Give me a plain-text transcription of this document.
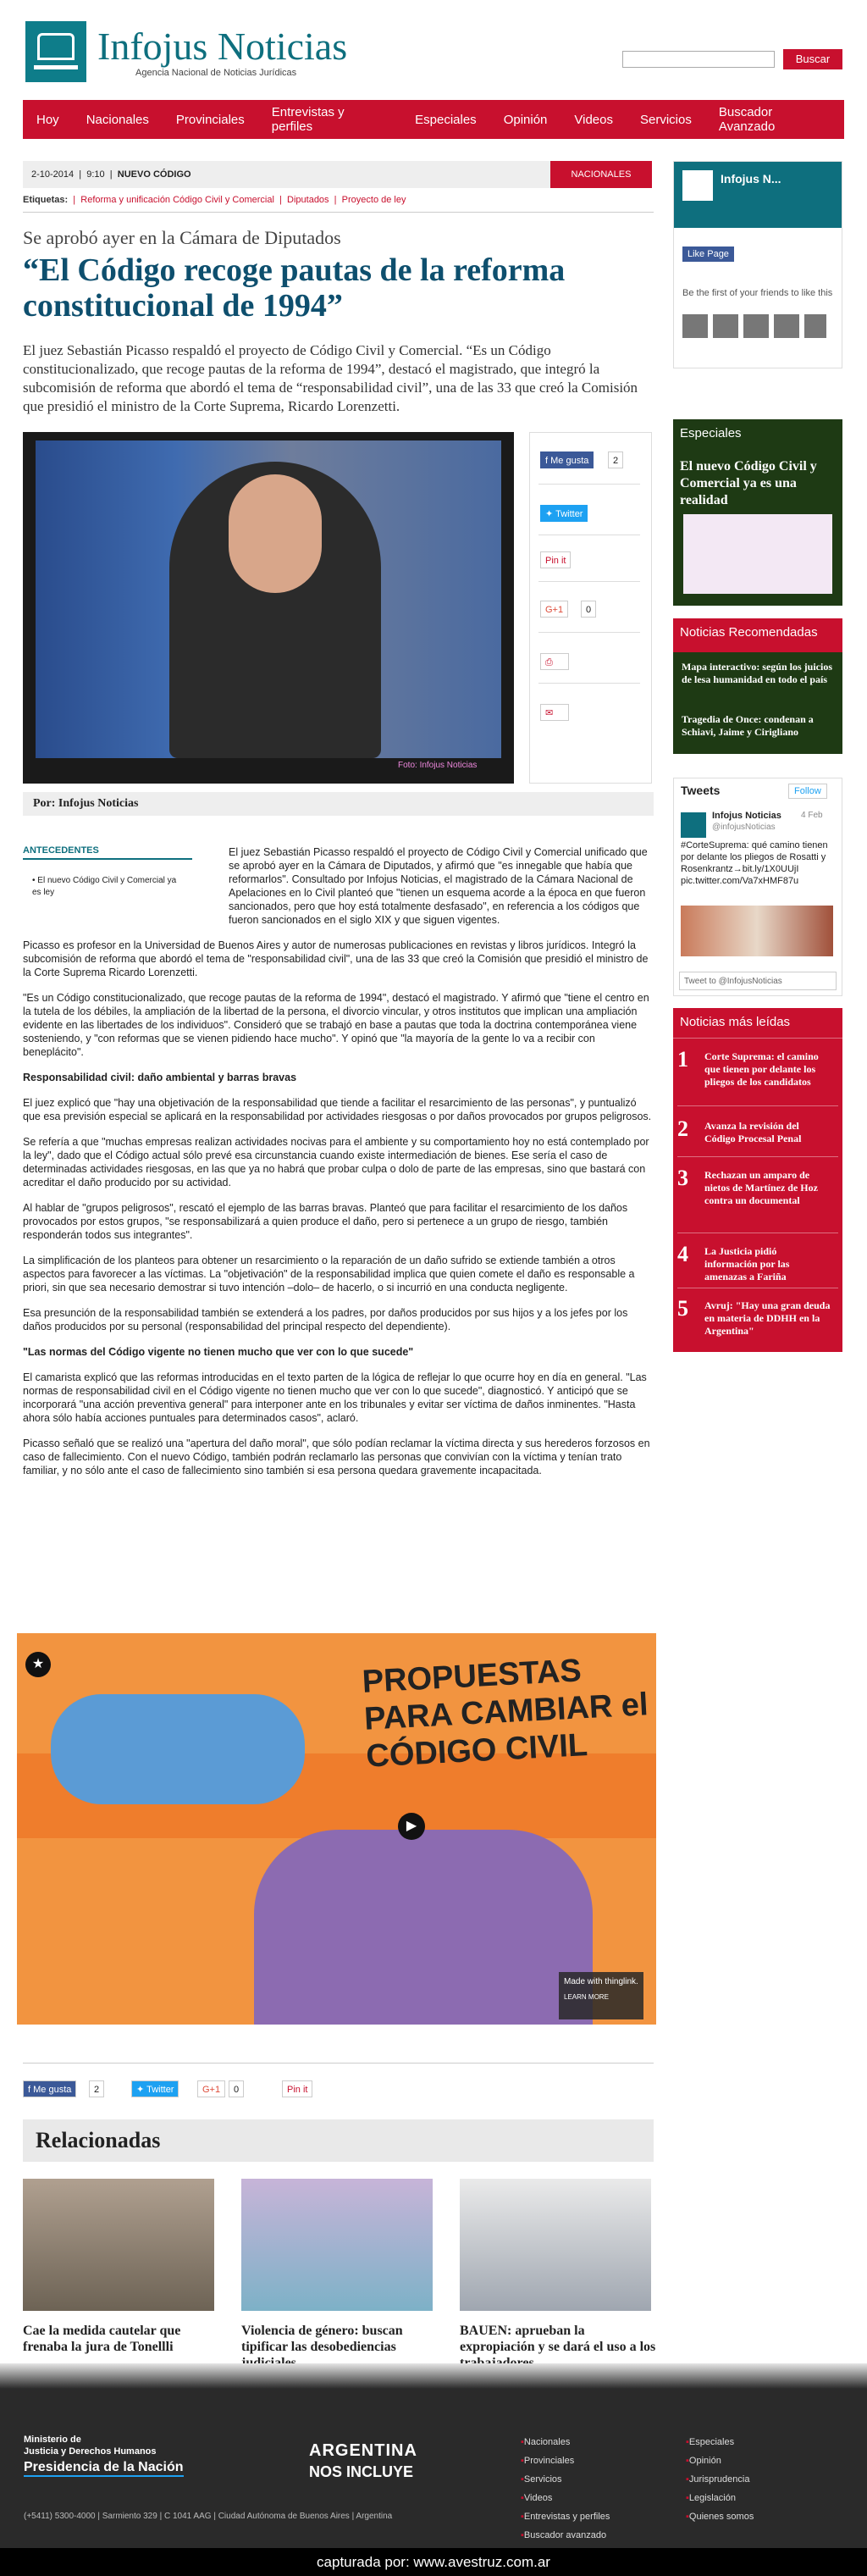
Infojus Noticias
Agencia Nacional de Noticias Jurídicas
Buscar
Hoy	Nacionales	Provinciales	Entrevistas y perfiles	Especiales	Opinión	Videos	Servicios	Buscador Avanzado
2-10-2014  |  9:10  |  NUEVO CÓDIGO	NACIONALES
Etiquetas:  |  Reforma y unificación Código Civil y Comercial  |  Diputados  |  Proyecto de ley
Se aprobó ayer en la Cámara de Diputados
“El Código recoge pautas de la reforma constitucional de 1994”
El juez Sebastián Picasso respaldó el proyecto de Código Civil y Comercial. “Es un Código constitucionalizado, que recoge pautas de la reforma de 1994”, destacó el magistrado, que integró la subcomisión de reforma que abordó el tema de “responsabilidad civil”, una de las 33 que creó la Comisión que presidió el ministro de la Corte Suprema, Ricardo Lorenzetti.
Foto: Infojus Noticias
f Me gusta	2
✦ Twitter
Pin it
G+1	0
⎙
✉
Por: Infojus Noticias
ANTECEDENTES
• El nuevo Código Civil y Comercial ya es ley

El juez Sebastián Picasso respaldó el proyecto de Código Civil y Comercial unificado que se aprobó ayer en la Cámara de Diputados, y afirmó que "es innegable que había que reformarlos". Consultado por Infojus Noticias, el magistrado de la Cámara Nacional de Apelaciones en lo Civil planteó que "tienen un esquema acorde a la época en que fueron sancionados, pero que hoy está totalmente desfasado", en referencia a los códigos que fueron sancionados en el siglo XIX y que siguen vigentes.

Picasso es profesor en la Universidad de Buenos Aires y autor de numerosas publicaciones en revistas y libros jurídicos. Integró la subcomisión de reforma que abordó el tema de "responsabilidad civil", una de las 33 que creó la Comisión que presidió el ministro de la Corte Suprema Ricardo Lorenzetti.

"Es un Código constitucionalizado, que recoge pautas de la reforma de 1994", destacó el magistrado. Y afirmó que "tiene el centro en la tutela de los débiles, la ampliación de la libertad de la persona, el divorcio vincular, y otros institutos que implican una ampliación evidente en las libertades de los individuos". Consideró que se trabajó en base a pautas que toda la doctrina contemporánea viene sosteniendo, y "con reformas que se vienen pidiendo hace mucho". Y opinó que "la mayoría de la gente lo va a recibir con beneplácito".

Responsabilidad civil: daño ambiental y barras bravas

El juez explicó que "hay una objetivación de la responsabilidad que tiende a facilitar el resarcimiento de las personas", y puntualizó que esa previsión especial se aplicará en la responsabilidad por actividades riesgosas o por daños provocados por grupos peligrosos.

Se refería a que "muchas empresas realizan actividades nocivas para el ambiente y su comportamiento hoy no está contemplado por la ley", dado que el Código actual sólo prevé esa circunstancia cuando existe intermediación de bienes. Ese sería el caso de determinadas actividades riesgosas, en las que ya no habrá que probar culpa o dolo de parte de las empresas, sino que bastará con acreditar el daño producido por su actividad.

Al hablar de "grupos peligrosos", rescató el ejemplo de las barras bravas. Planteó que para facilitar el resarcimiento de los daños provocados por estos grupos, "se responsabilizará a quien produce el daño, pero si pertenece a un grupo de riesgo, también responderán todos sus integrantes".

La simplificación de los planteos para obtener un resarcimiento o la reparación de un daño sufrido se extiende también a otros aspectos para favorecer a las víctimas. La "objetivación" de la responsabilidad implica que quien comete el daño es responsable a priori, sin que sea necesario demostrar si tuvo intención –dolo– de hacerlo, o si incurrió en una conducta negligente.

Esa presunción de la responsabilidad también se extenderá a los padres, por daños producidos por sus hijos y a los jefes por los daños producidos por su personal (responsabilidad del principal respecto del dependiente).

"Las normas del Código vigente no tienen mucho que ver con lo que sucede"

El camarista explicó que las reformas introducidas en el texto parten de la lógica de reflejar lo que ocurre hoy en día en general. "Las normas de responsabilidad civil en el Código vigente no tienen mucho que ver con lo que sucede", diagnosticó. Y anticipó que se incorporará "una acción preventiva general" para interponer ante en los tribunales y evitar ser víctima de daños inminentes. "Hasta ahora sólo había acciones puntuales para determinados casos", aclaró.

Picasso señaló que se realizó una "apertura del daño moral", que sólo podían reclamar la víctima directa y sus herederos forzosos en caso de fallecimiento. Con el nuevo Código, también podrán reclamarlo las personas que convivían con la víctima y tenían trato familiar, y no sólo ante el caso de fallecimiento sino también si esa persona quedara gravemente incapacitada.

PROPUESTAS
PARA CAMBIAR el
CÓDIGO CIVIL
★
▶
Made with thinglink.
LEARN MORE
f Me gusta	2	✦ Twitter	G+1	0	Pin it
Relacionadas
Cae la medida cautelar que frenaba la jura de Tonellli
Violencia de género: buscan tipificar las desobediencias
BAUEN: aprueban la expropiación y se dará el uso a los
Infojus N...
Like Page
Be the first of your friends to like this
Especiales
El nuevo Código Civil y Comercial ya es una realidad
Noticias Recomendadas
Mapa interactivo: según los juicios de lesa humanidad en todo el país
Tragedia de Once: condenan a Schiavi, Jaime y Cirigliano
Tweets	Follow
Infojus Noticias 4 Feb
@infojusNoticias
#CorteSuprema: qué camino tienen por delante los pliegos de Rosatti y Rosenkrantz→bit.ly/1X0UUjI pic.twitter.com/Va7xHMF87u
Tweet to @InfojusNoticias
Noticias más leídas
1 Corte Suprema: el camino que tienen por delante los pliegos de los candidatos
2 Avanza la revisión del Código Procesal Penal
3 Rechazan un amparo de nietos de Martínez de Hoz contra un documental
4 La Justicia pidió información por las amenazas a Fariña
5 Avruj: "Hay una gran deuda en materia de DDHH en la Argentina"
Ministerio de
Justicia y Derechos Humanos
Presidencia de la Nación
ARGENTINA
NOS INCLUYE
(+5411) 5300-4000 | Sarmiento 329 | C 1041 AAG | Ciudad Autónoma de Buenos Aires | Argentina
▪ Nacionales
▪ Provinciales
▪ Servicios
▪ Videos
▪ Entrevistas y perfiles
▪ Buscador avanzado
▪ Especiales
▪ Opinión
▪ Jurisprudencia
▪ Legislación
▪ Quienes somos
capturada por: www.avestruz.com.ar
